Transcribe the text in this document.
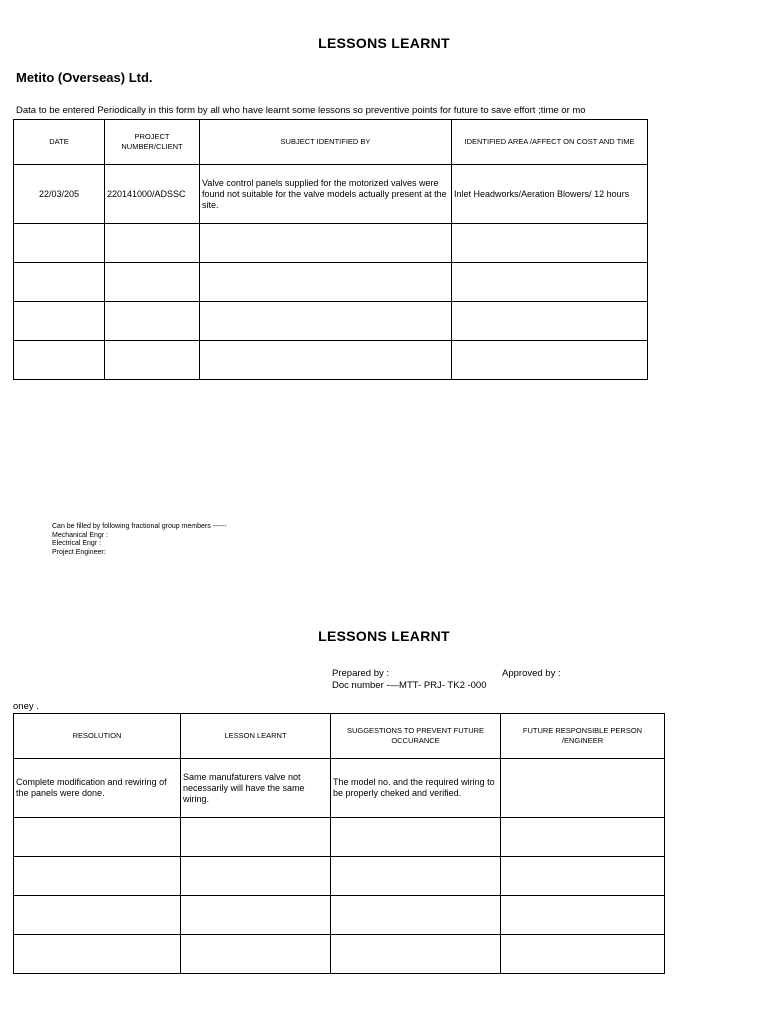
LESSONS LEARNT
Metito (Overseas) Ltd.
Data to be entered Periodically in this form by all who have learnt some lessons so preventive points for future to save effort ;time or mo
DATE	PROJECT NUMBER/CLIENT	SUBJECT IDENTIFIED BY	IDENTIFIED AREA /AFFECT ON COST AND TIME
22/03/205	220141000/ADSSC	Valve control panels supplied for the motorized valves were found not suitable for the valve models actually present at the site.	Inlet Headworks/Aeration Blowers/ 12 hours

Can be filled by following fractional group members ------
Mechanical Engr :
Electrical Engr :
Project Engineer:
LESSONS LEARNT
Prepared by :	Approved by :
Doc number -—MTT- PRJ- TK2 -000
oney .
RESOLUTION	LESSON LEARNT	SUGGESTIONS TO PREVENT FUTURE OCCURANCE	FUTURE RESPONSIBLE PERSON /ENGINEER
Complete modification and rewiring of the panels were done.	Same manufaturers valve not necessarily will have the same wiring.	The model no. and the required wiring to be properly cheked and verified.	
